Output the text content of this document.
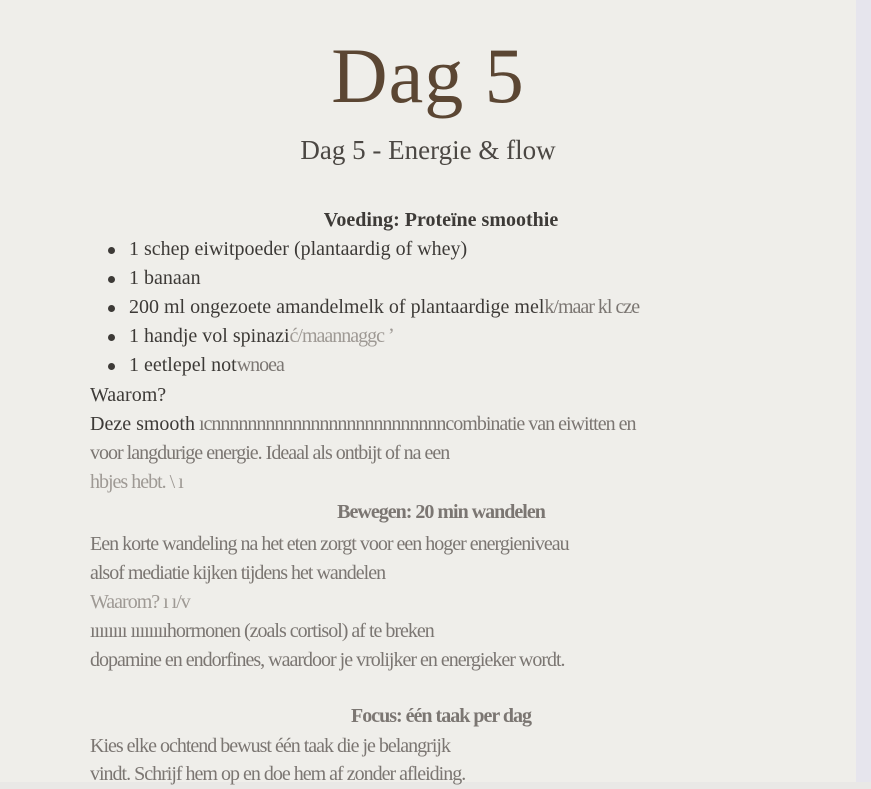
Dag 5

Dag 5 - Energie & flow

Voeding: Proteïne smoothie

1 schep eiwitpoeder (plantaardig of whey)
1 banaan
200 ml ongezoete amandelmelk of plantaardige melk/maar kl cze
1 handje vol spinazić/maannaggc ʼ
1 eetlepel notwnoea

Waarom?

Deze smooth ıcnnnnnnnnnnnnnnnnnnnnnnnnnncombinatie van eiwitten en

voor langdurige energie. Ideaal als ontbijt of na een

hbjes hebt. \ ı

Bewegen: 20 min wandelen

Een korte wandeling na het eten zorgt voor een hoger energieniveau

alsof mediatie kijken tijdens het wandelen

Waarom? ı ı/v

ıııııııı ııııııııhormonen (zoals cortisol) af te breken

dopamine en endorfines, waardoor je vrolijker en energieker wordt.

Focus: één taak per dag

Kies elke ochtend bewust één taak die je belangrijk

vindt. Schrijf hem op en doe hem af zonder afleiding.
